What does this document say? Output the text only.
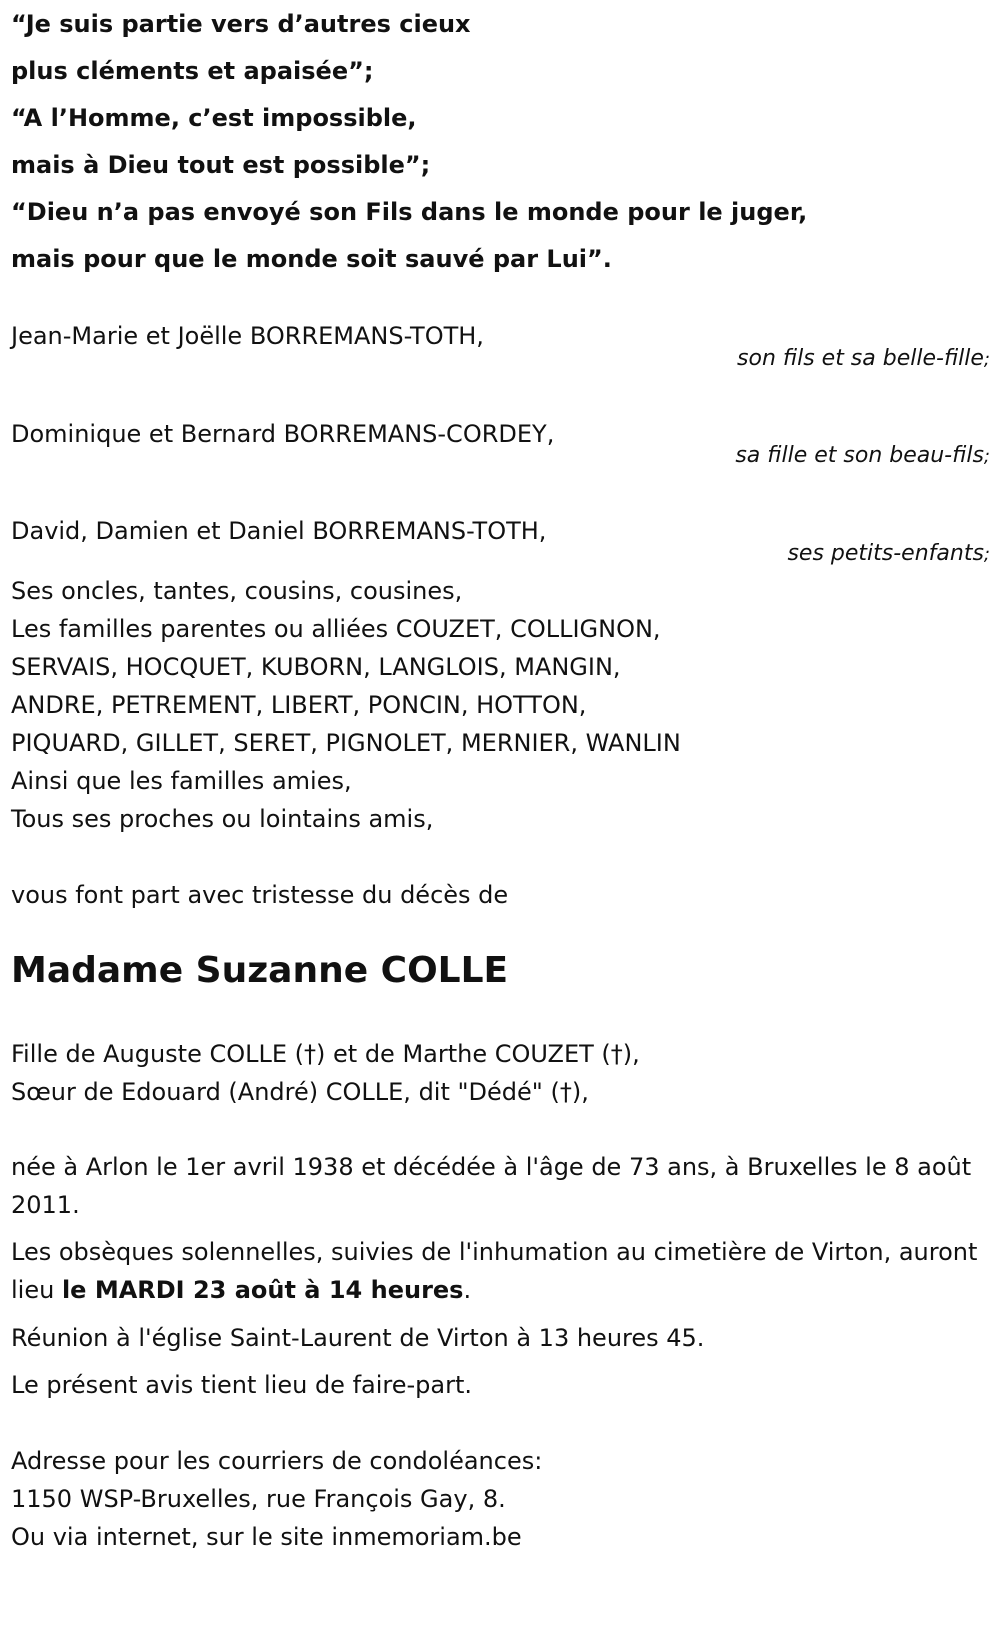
“Je suis partie vers d’autres cieux
plus cléments et apaisée”;
“A l’Homme, c’est impossible,
mais à Dieu tout est possible”;
“Dieu n’a pas envoyé son Fils dans le monde pour le juger,
mais pour que le monde soit sauvé par Lui”.
Jean-Marie et Joëlle BORREMANS-TOTH,
son fils et sa belle-fille;
Dominique et Bernard BORREMANS-CORDEY,
sa fille et son beau-fils;
David, Damien et Daniel BORREMANS-TOTH,
ses petits-enfants;
Ses oncles, tantes, cousins, cousines,
Les familles parentes ou alliées COUZET, COLLIGNON,
SERVAIS, HOCQUET, KUBORN, LANGLOIS, MANGIN,
ANDRE, PETREMENT, LIBERT, PONCIN, HOTTON,
PIQUARD, GILLET, SERET, PIGNOLET, MERNIER, WANLIN
Ainsi que les familles amies,
Tous ses proches ou lointains amis,
vous font part avec tristesse du décès de
Madame Suzanne COLLE
Fille de Auguste COLLE (†) et de Marthe COUZET (†),
Sœur de Edouard (André) COLLE, dit "Dédé" (†),
née à Arlon le 1er avril 1938 et décédée à l'âge de 73 ans, à Bruxelles le 8 août 2011.
Les obsèques solennelles, suivies de l'inhumation au cimetière de Virton, auront lieu le MARDI 23 août à 14 heures.
Réunion à l'église Saint-Laurent de Virton à 13 heures 45.
Le présent avis tient lieu de faire-part.
Adresse pour les courriers de condoléances:
1150 WSP-Bruxelles, rue François Gay, 8.
Ou via internet, sur le site inmemoriam.be
